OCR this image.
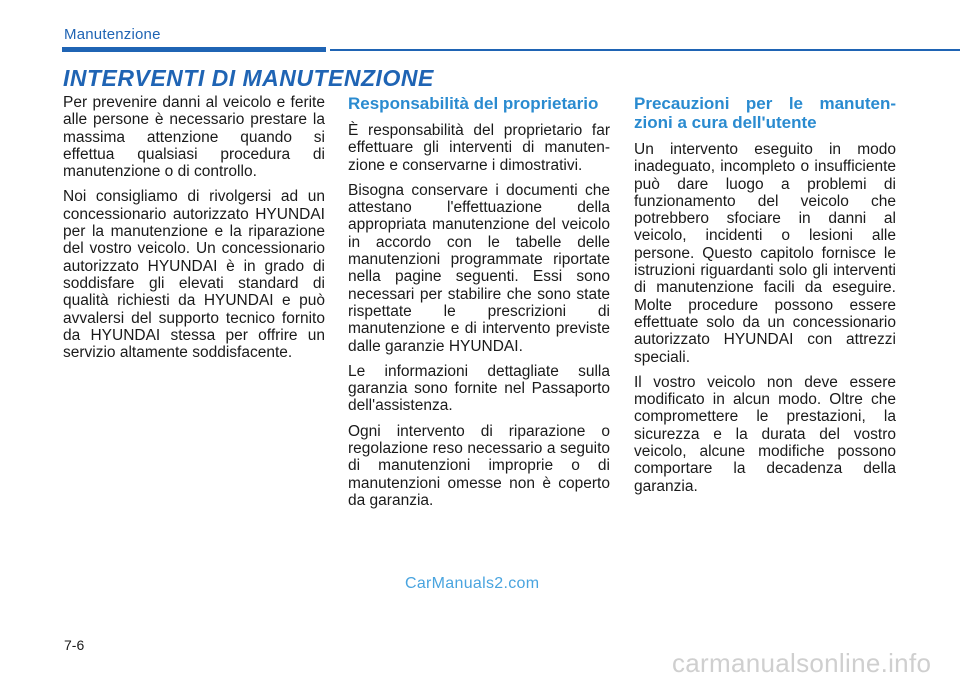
Manutenzione
INTERVENTI DI MANUTENZIONE

Per prevenire danni al veicolo e ferite alle persone è necessario prestare la massima attenzione quando si effettua qualsiasi procedura di manutenzione o di controllo.

Noi consigliamo di rivolgersi ad un concessionario autorizzato HYUNDAI per la manutenzione e la riparazione del vostro veicolo. Un concessionario autorizzato HYUNDAI è in grado di soddisfare gli elevati standard di qualità richiesti da HYUNDAI e può avvalersi del supporto tecnico fornito da HYUNDAI stessa per offrire un servizio altamente soddisfacente.

Responsabilità del proprietario

È responsabilità del proprietario far effettuare gli interventi di manuten-zione e conservarne i dimostrativi.

Bisogna conservare i documenti che attestano l'effettuazione della appropriata manutenzione del veicolo in accordo con le tabelle delle manutenzioni programmate riportate nella pagine seguenti. Essi sono necessari per stabilire che sono state rispettate le prescrizioni di manutenzione e di intervento previste dalle garanzie HYUNDAI.

Le informazioni dettagliate sulla garanzia sono fornite nel Passaporto dell'assistenza.

Ogni intervento di riparazione o regolazione reso necessario a seguito di manutenzioni improprie o di manutenzioni omesse non è coperto da garanzia.

Precauzioni per le manuten-zioni a cura dell'utente

Un intervento eseguito in modo inadeguato, incompleto o insufficiente può dare luogo a problemi di funzionamento del veicolo che potrebbero sfociare in danni al veicolo, incidenti o lesioni alle persone. Questo capitolo fornisce le istruzioni riguardanti solo gli interventi di manutenzione facili da eseguire. Molte procedure possono essere effettuate solo da un concessionario autorizzato HYUNDAI con attrezzi speciali.

Il vostro veicolo non deve essere modificato in alcun modo. Oltre che compromettere le prestazioni, la sicurezza e la durata del vostro veicolo, alcune modifiche possono comportare la decadenza della garanzia.

CarManuals2.com
7-6
carmanualsonline.info
